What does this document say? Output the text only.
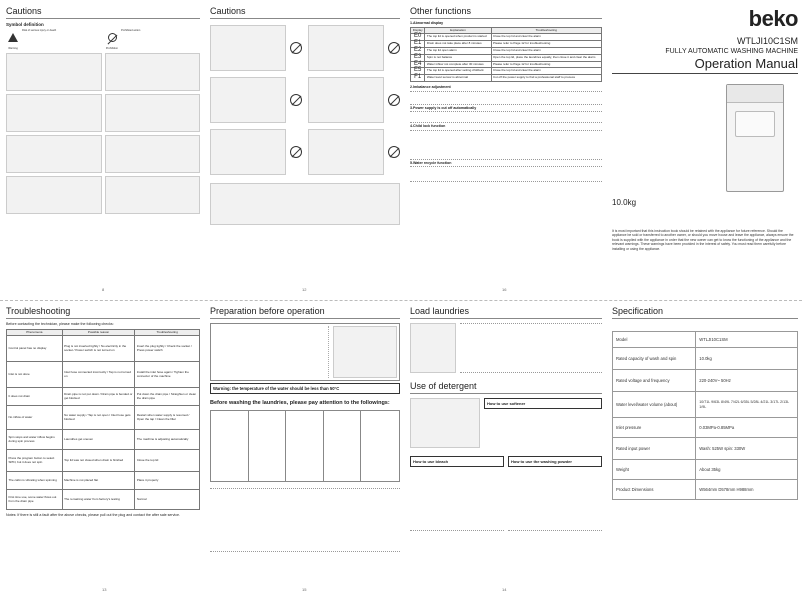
Cautions
Symbol definition
Warning
Risk of serious injury or death
Prohibition
Prohibited action
8
Cautions
12
Other functions
1.Abnormal display
Display	Explanation	Troubleshooting
E0	The top lid is opened when product is started	Close the top lid and clear the alarm
E1	Drain does not take place after 8 minutes	Please refer to Page 12 for troubleshooting
E2	The top lid open alarm	Close the top lid and clear the alarm
E3	Spin is not balance	Open the top lid, place the laundries equally, then close it and clear the alarm
E4	Water inflow not complete after 30 minutes	Please refer to Page 12 for troubleshooting
E5	The top lid is opened after setting childlock	Close the top lid and clear the alarm
F1	Water level sensor is abnormal	Cut off the power supply to find a professional staff to process
2.Imbalance adjustment
3.Power supply is cut off automatically
4.Child lock function
5.Water recycle function
16
beko
WTLJI10C1SM
FULLY AUTOMATIC WASHING MACHINE
Operation Manual
10.0kg
It is most important that this instruction book should be retained with the appliance for future reference. Should the appliance be sold or transferred to another owner, or should you move house and leave the appliance, always ensure the book is supplied with the appliance in order that the new owner can get to know the functioning of the appliance and the relevant warnings. These warnings have been provided in the interest of safety. You must read them carefully before installing or using the appliance.
Troubleshooting
Before contacting the technician, please make the following checks:
Phenomena	Possible reason	Troubleshooting
Control panel has no display	Plug is not inserted tightly / No electricity in the socket / Power switch is not turned on	Insert the plug tightly / Check the socket / Press power switch
Inlet is not done	Inlet hose connected incorrectly / Tap is not turned on	Install the inlet hose again / Tighten the connector of the machine
It does not drain	Drain pipe is not put down / Drain pipe is bended or get blocked	Put down the drain pipe / Straighten or clean the drain pipe
No inflow of water	No water supply / Tap is not open / Inlet hose gets blocked	Restart when water supply is resumed / Open the tap / Clean the filter
Spin stops and water inflow begins during spin process	Laundries get uneven	The machine is adjusting automatically
Press the program button to select SPIN, but it does not spin	Top lid was not closed when drain is finished	Close the top lid
The cabin is vibrating when spinning	Machine is not placed flat	Place it properly
First time use, some water flows out from the drain pipe	The remaining water from factory's testing	Normal
Notes: If there is still a fault after the above checks, please pull out the plug and contact the after sale service.
13
Preparation before operation
Warning: the temperature of the water should be less than 50°C
Before washing the laundries, please pay attention to the followings:
15
Load laundries
Use of detergent
How to use softener
How to use bleach	How to use the washing powder
14
Specification
Model	WTLJI10C1SM
Rated capacity of wash and spin	10.0kg
Rated voltage and frequency	220-240V~ 50Hz
Water level/water volume (about)	10/71L 9/63L 8/49L 7/42L 6/35L 5/28L 4/21L 3/17L 2/13L 1/9L
Inlet pressure	0.03MPa-0.85MPa
Rated input power	Wash: 525W spin: 330W
Weight	About 35kg
Product Dimensions	W564mm D578mm H988mm
